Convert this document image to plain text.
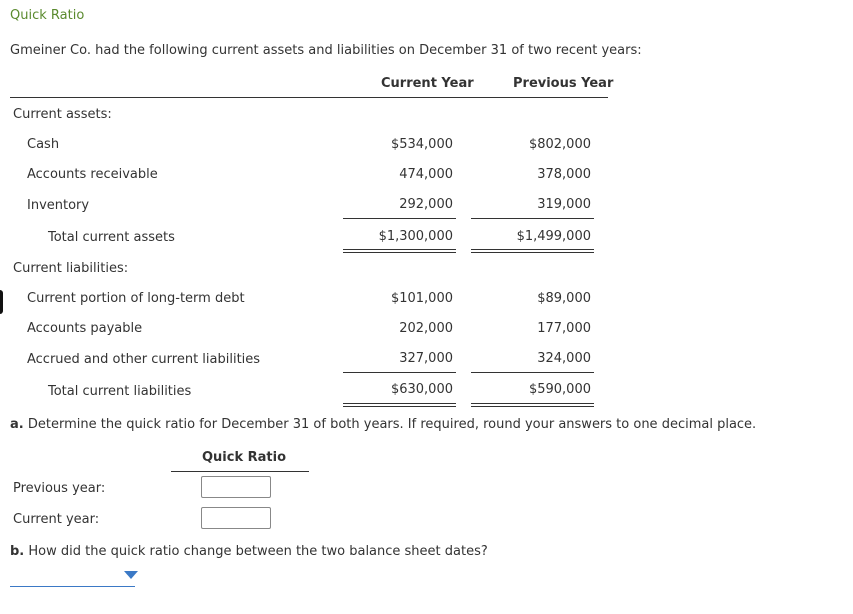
Quick Ratio
Gmeiner Co. had the following current assets and liabilities on December 31 of two recent years:
Current Year	Previous Year
Current assets:
Cash	$534,000	$802,000
Accounts receivable	474,000	378,000
Inventory	292,000	319,000
Total current assets	$1,300,000	$1,499,000
Current liabilities:
Current portion of long-term debt	$101,000	$89,000
Accounts payable	202,000	177,000
Accrued and other current liabilities	327,000	324,000
Total current liabilities	$630,000	$590,000
a. Determine the quick ratio for December 31 of both years. If required, round your answers to one decimal place.
Quick Ratio
Previous year:
Current year:
b. How did the quick ratio change between the two balance sheet dates?
